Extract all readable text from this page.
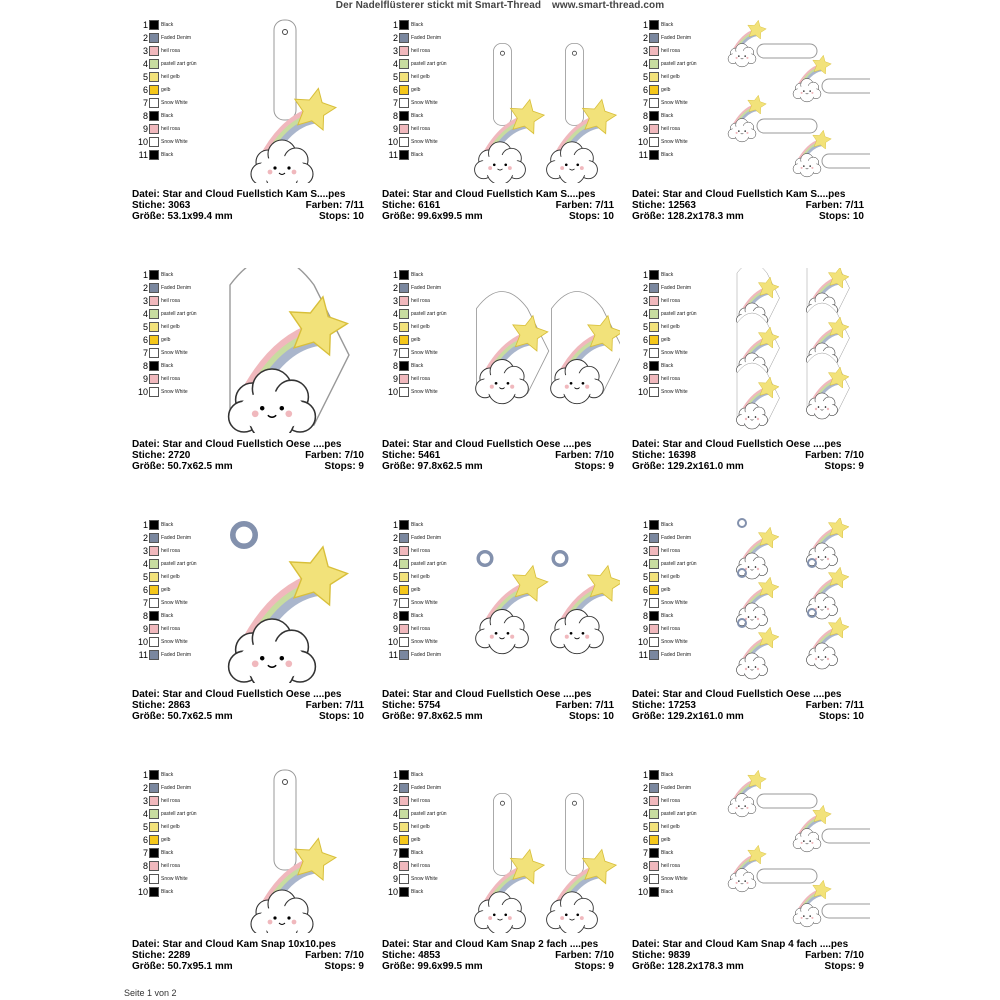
Der Nadelflüsterer stickt mit Smart-Thread www.smart-thread.com
1	Black
2	Faded Denim
3	heil rosa
4	pastell zart grün
5	heil gelb
6	gelb
7	Snow White
8	Black
9	heil rosa
10	Snow White
11	Black
Datei: Star and Cloud Fuellstich Kam S....pes
Stiche: 3063	Farben: 7/11
Größe: 53.1x99.4 mm	Stops: 10
1	Black
2	Faded Denim
3	heil rosa
4	pastell zart grün
5	heil gelb
6	gelb
7	Snow White
8	Black
9	heil rosa
10	Snow White
11	Black
Datei: Star and Cloud Fuellstich Kam S....pes
Stiche: 6161	Farben: 7/11
Größe: 99.6x99.5 mm	Stops: 10
1	Black
2	Faded Denim
3	heil rosa
4	pastell zart grün
5	heil gelb
6	gelb
7	Snow White
8	Black
9	heil rosa
10	Snow White
11	Black
Datei: Star and Cloud Fuellstich Kam S....pes
Stiche: 12563	Farben: 7/11
Größe: 128.2x178.3 mm	Stops: 10
1	Black
2	Faded Denim
3	heil rosa
4	pastell zart grün
5	heil gelb
6	gelb
7	Snow White
8	Black
9	heil rosa
10	Snow White
Datei: Star and Cloud Fuellstich Oese ....pes
Stiche: 2720	Farben: 7/10
Größe: 50.7x62.5 mm	Stops: 9
1	Black
2	Faded Denim
3	heil rosa
4	pastell zart grün
5	heil gelb
6	gelb
7	Snow White
8	Black
9	heil rosa
10	Snow White
Datei: Star and Cloud Fuellstich Oese ....pes
Stiche: 5461	Farben: 7/10
Größe: 97.8x62.5 mm	Stops: 9
1	Black
2	Faded Denim
3	heil rosa
4	pastell zart grün
5	heil gelb
6	gelb
7	Snow White
8	Black
9	heil rosa
10	Snow White
Datei: Star and Cloud Fuellstich Oese ....pes
Stiche: 16398	Farben: 7/10
Größe: 129.2x161.0 mm	Stops: 9
1	Black
2	Faded Denim
3	heil rosa
4	pastell zart grün
5	heil gelb
6	gelb
7	Snow White
8	Black
9	heil rosa
10	Snow White
11	Faded Denim
Datei: Star and Cloud Fuellstich Oese ....pes
Stiche: 2863	Farben: 7/11
Größe: 50.7x62.5 mm	Stops: 10
1	Black
2	Faded Denim
3	heil rosa
4	pastell zart grün
5	heil gelb
6	gelb
7	Snow White
8	Black
9	heil rosa
10	Snow White
11	Faded Denim
Datei: Star and Cloud Fuellstich Oese ....pes
Stiche: 5754	Farben: 7/11
Größe: 97.8x62.5 mm	Stops: 10
1	Black
2	Faded Denim
3	heil rosa
4	pastell zart grün
5	heil gelb
6	gelb
7	Snow White
8	Black
9	heil rosa
10	Snow White
11	Faded Denim
Datei: Star and Cloud Fuellstich Oese ....pes
Stiche: 17253	Farben: 7/11
Größe: 129.2x161.0 mm	Stops: 10
1	Black
2	Faded Denim
3	heil rosa
4	pastell zart grün
5	heil gelb
6	gelb
7	Black
8	heil rosa
9	Snow White
10	Black
Datei: Star and Cloud Kam Snap 10x10.pes
Stiche: 2289	Farben: 7/10
Größe: 50.7x95.1 mm	Stops: 9
1	Black
2	Faded Denim
3	heil rosa
4	pastell zart grün
5	heil gelb
6	gelb
7	Black
8	heil rosa
9	Snow White
10	Black
Datei: Star and Cloud Kam Snap 2 fach ....pes
Stiche: 4853	Farben: 7/10
Größe: 99.6x99.5 mm	Stops: 9
1	Black
2	Faded Denim
3	heil rosa
4	pastell zart grün
5	heil gelb
6	gelb
7	Black
8	heil rosa
9	Snow White
10	Black
Datei: Star and Cloud Kam Snap 4 fach ....pes
Stiche: 9839	Farben: 7/10
Größe: 128.2x178.3 mm	Stops: 9
Seite 1 von 2
